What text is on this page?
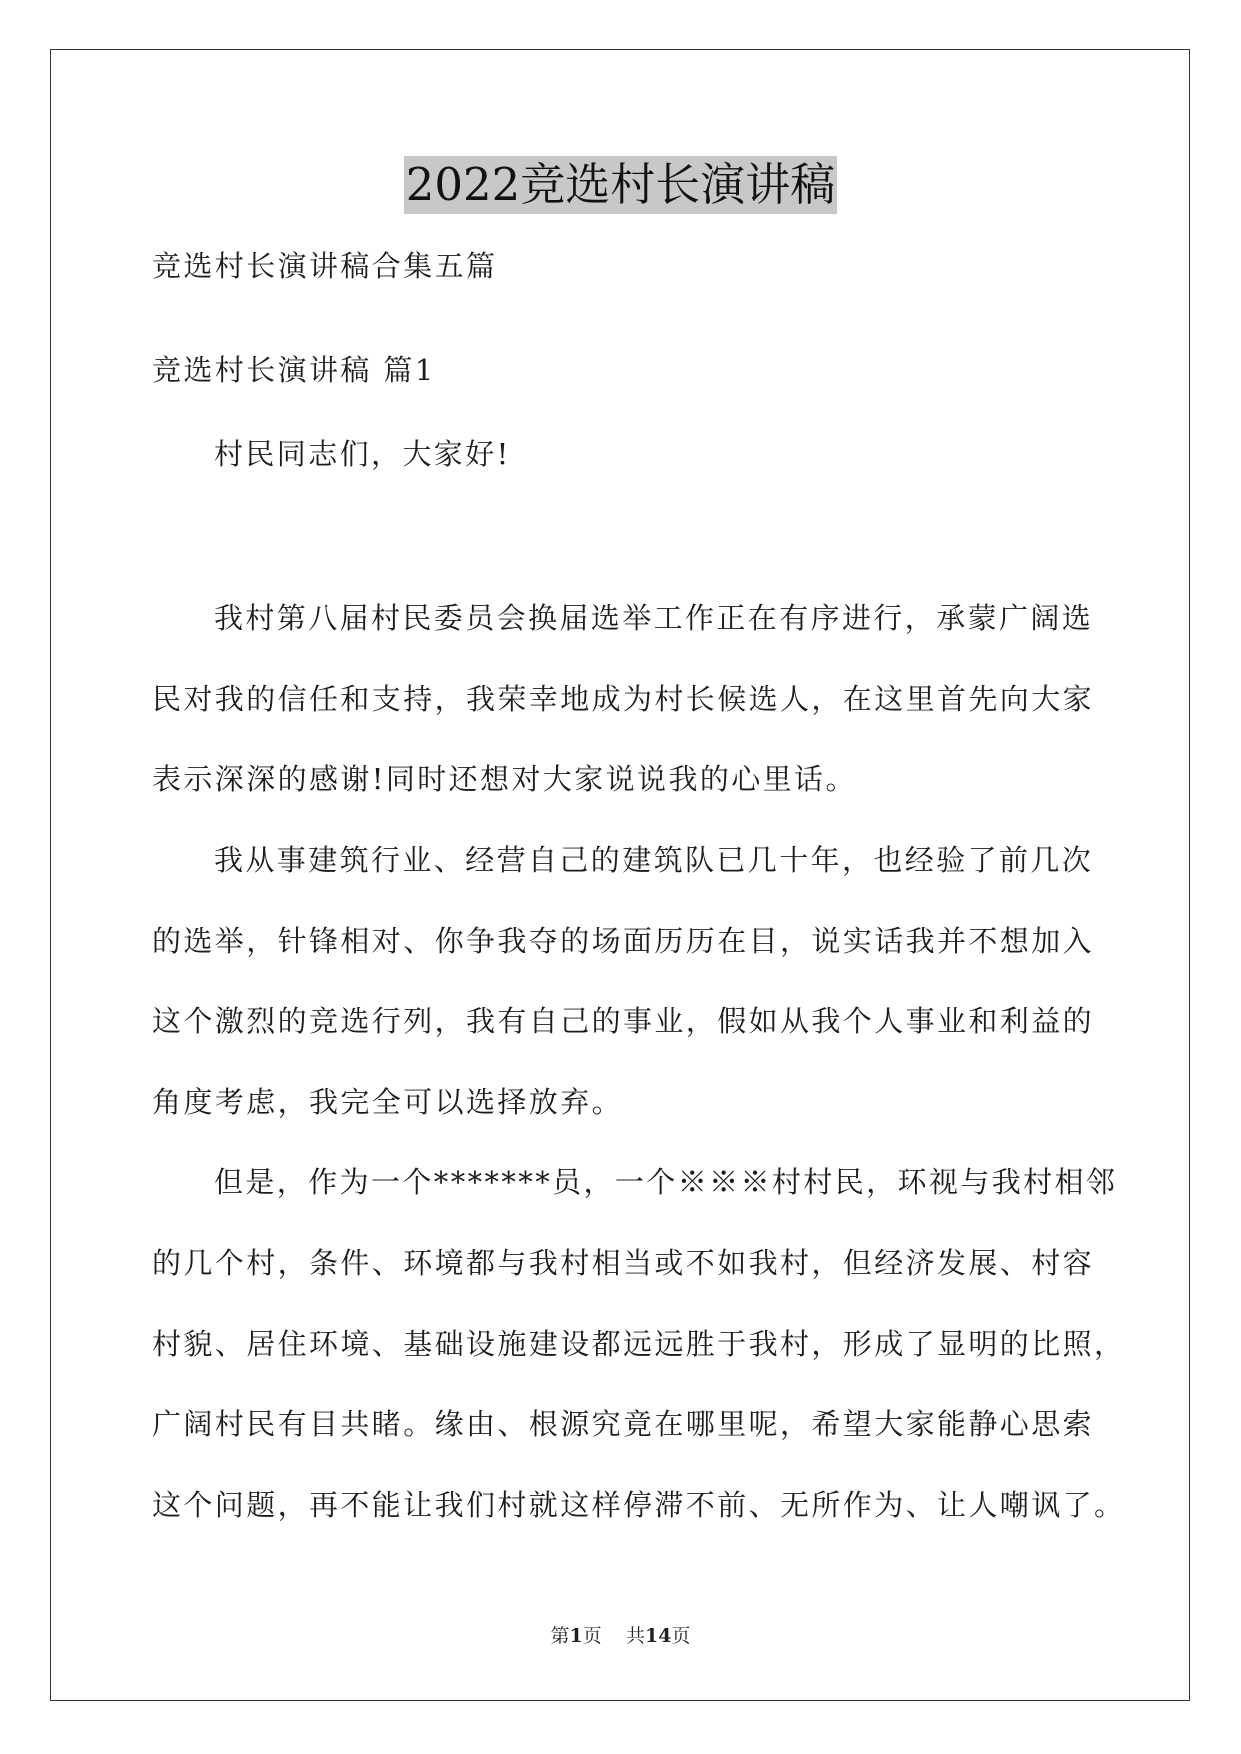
2022竞选村长演讲稿
竞选村长演讲稿合集五篇
竞选村长演讲稿 篇1
村民同志们，大家好!
我村第八届村民委员会换届选举工作正在有序进行，承蒙广阔选
民对我的信任和支持，我荣幸地成为村长候选人，在这里首先向大家
表示深深的感谢!同时还想对大家说说我的心里话。
我从事建筑行业、经营自己的建筑队已几十年，也经验了前几次
的选举，针锋相对、你争我夺的场面历历在目，说实话我并不想加入
这个激烈的竞选行列，我有自己的事业，假如从我个人事业和利益的
角度考虑，我完全可以选择放弃。
但是，作为一个*******员，一个※※※村村民，环视与我村相邻
的几个村，条件、环境都与我村相当或不如我村，但经济发展、村容
村貌、居住环境、基础设施建设都远远胜于我村，形成了显明的比照，
广阔村民有目共睹。缘由、根源究竟在哪里呢，希望大家能静心思索
这个问题，再不能让我们村就这样停滞不前、无所作为、让人嘲讽了。
第1页 共14页
